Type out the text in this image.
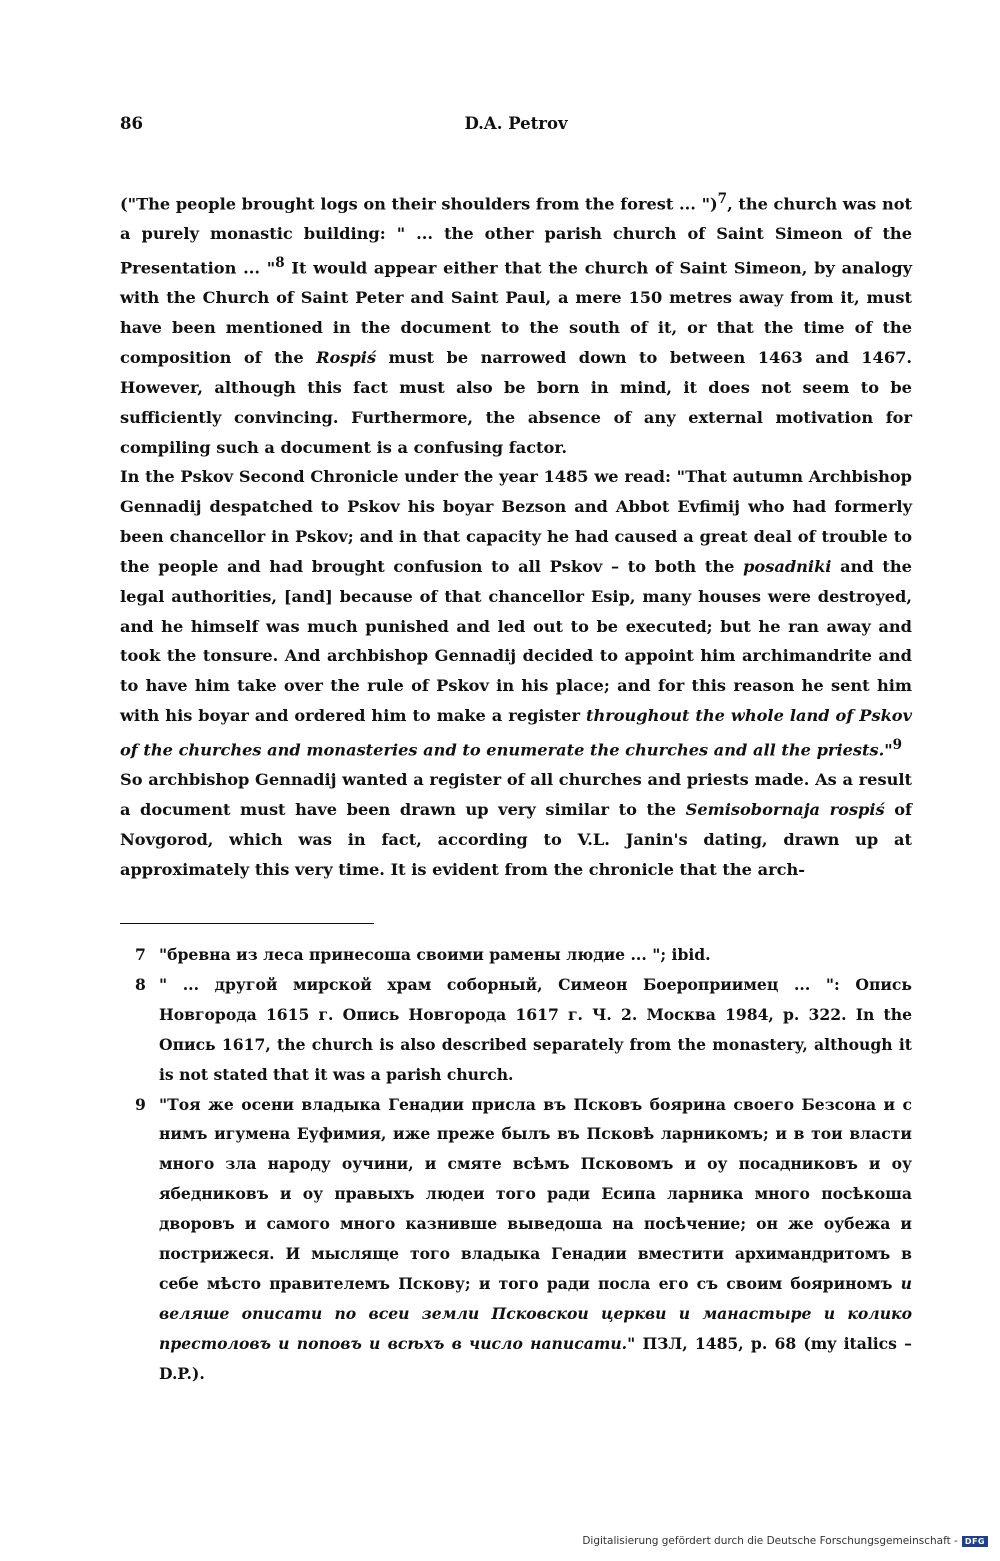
86	D.A. Petrov

("The people brought logs on their shoulders from the forest ... ")$^7$, the church was not a purely monastic building: " ... the other parish church of Saint Simeon of the Presentation ... "$^8$ It would appear either that the church of Saint Simeon, by analogy with the Church of Saint Peter and Saint Paul, a mere 150 metres away from it, must have been mentioned in the document to the south of it, or that the time of the composition of the Rospiś must be narrowed down to between 1463 and 1467. However, although this fact must also be born in mind, it does not seem to be sufficiently convincing. Furthermore, the absence of any external motivation for compiling such a document is a confusing factor.

In the Pskov Second Chronicle under the year 1485 we read: "That autumn Archbishop Gennadij despatched to Pskov his boyar Bezson and Abbot Evfimij who had formerly been chancellor in Pskov; and in that capacity he had caused a great deal of trouble to the people and had brought confusion to all Pskov – to both the posadniki and the legal authorities, [and] because of that chancellor Esip, many houses were destroyed, and he himself was much punished and led out to be executed; but he ran away and took the tonsure. And archbishop Gennadij decided to appoint him archimandrite and to have him take over the rule of Pskov in his place; and for this reason he sent him with his boyar and ordered him to make a register throughout the whole land of Pskov of the churches and monasteries and to enumerate the churches and all the priests."$^9$

So archbishop Gennadij wanted a register of all churches and priests made. As a result a document must have been drawn up very similar to the Semisobornaja rospiś of Novgorod, which was in fact, according to V.L. Janin's dating, drawn up at approximately this very time. It is evident from the chronicle that the arch-

7 "бревна из леса принесоша своими рамены людие ... "; ibid.
8 " ... другой мирской храм соборный, Симеон Боероприимец ... ": Опись Новгорода 1615 г. Опись Новгорода 1617 г. Ч. 2. Москва 1984, p. 322. In the Опись 1617, the church is also described separately from the monastery, although it is not stated that it was a parish church.
9 "Тоя же осени владыка Генадии присла въ Псковъ боярина своего Безсона и с нимъ игумена Еуфимия, иже преже былъ въ Псковѣ ларникомъ; и в тои власти много зла народу оучини, и смяте всѣмъ Псковомъ и оу посадниковъ и оу ябедниковъ и оу правыхъ людеи того ради Есипа ларника много посѣкоша дворовъ и самого много казнивше выведоша на посѣчение; он же оубежа и пострижеся. И мысляще того владыка Генадии вместити архимандритомъ в себе мѣсто правителемъ Пскову; и того ради посла его съ своим бояриномъ и веляше описати по всеи земли Псковскои церкви и манастыре и колико престоловъ и поповъ и всѣхъ в число написати." ПЗЛ, 1485, p. 68 (my italics – D.P.).
Digitalisierung gefördert durch die Deutsche Forschungsgemeinschaft - DFG
